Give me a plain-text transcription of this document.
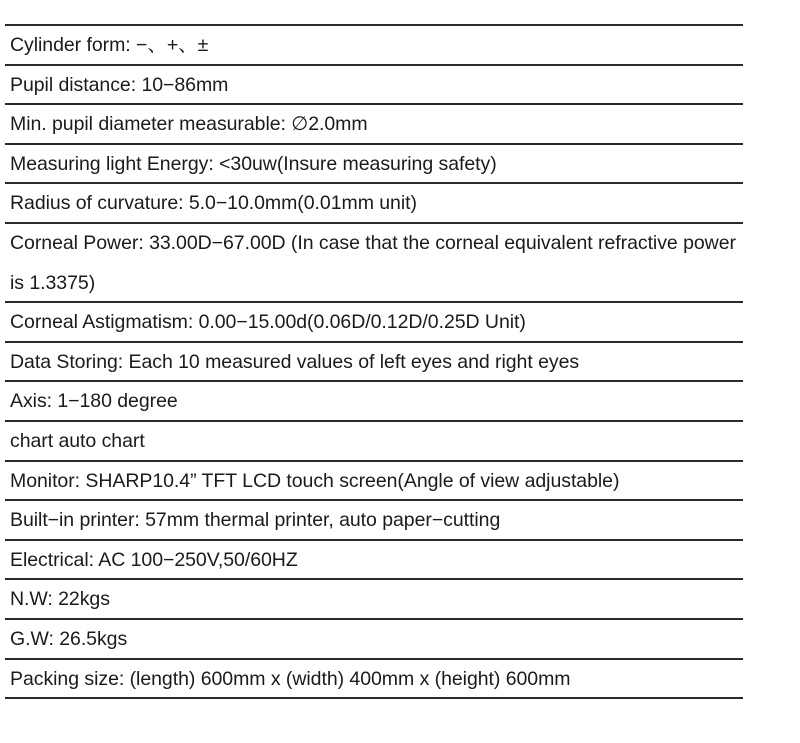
Cylinder form: −、+、±
Pupil distance: 10−86mm
Min. pupil diameter measurable: ∅2.0mm
Measuring light Energy: <30uw(Insure measuring safety)
Radius of curvature: 5.0−10.0mm(0.01mm unit)
Corneal Power: 33.00D−67.00D (In case that the corneal equivalent refractive power is 1.3375)
Corneal Astigmatism: 0.00−15.00d(0.06D/0.12D/0.25D Unit)
Data Storing: Each 10 measured values of left eyes and right eyes
Axis: 1−180 degree
chart auto chart
Monitor: SHARP10.4” TFT LCD touch screen(Angle of view adjustable)
Built−in printer: 57mm thermal printer, auto paper−cutting
Electrical: AC 100−250V,50/60HZ
N.W: 22kgs
G.W: 26.5kgs
Packing size: (length) 600mm x (width) 400mm x (height) 600mm
